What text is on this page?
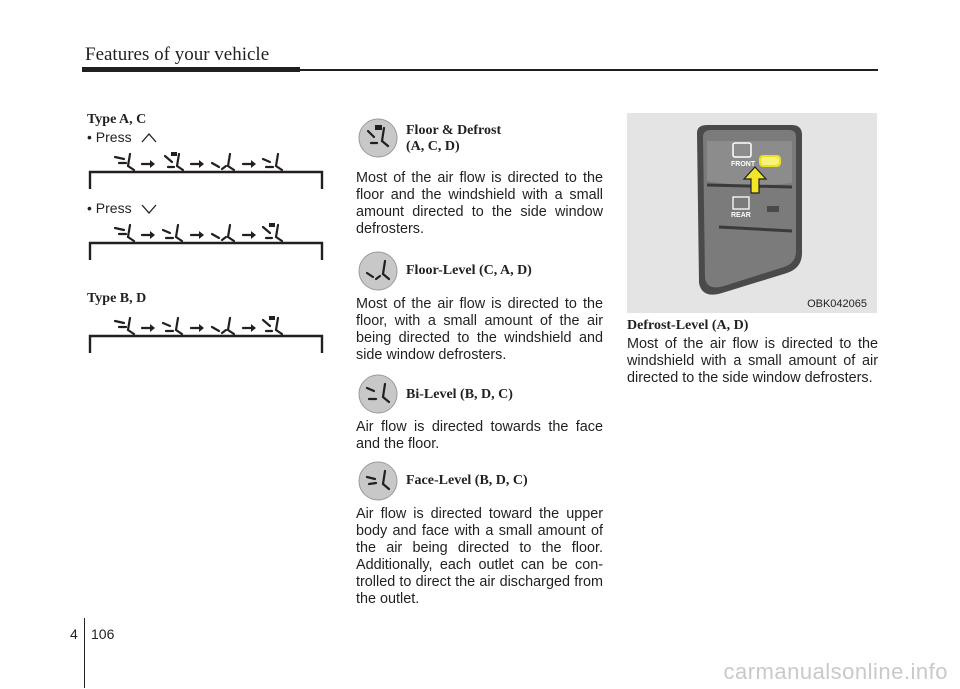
Features of your vehicle
Type A, C
• Press
• Press
Type B, D
Floor & Defrost
(A, C, D)

Most of the air flow is directed to the floor and the windshield with a small amount directed to the side window defrosters.

Floor-Level (C, A, D)

Most of the air flow is directed to the floor, with a small amount of the air being directed to the windshield and side window defrosters.

Bi-Level (B, D, C)

Air flow is directed towards the face and the floor.

Face-Level (B, D, C)

Air flow is directed toward the upper body and face with a small amount of the air being directed to the floor. Additionally, each outlet can be con- trolled to direct the air discharged from the outlet.

FRONT
REAR
OBK042065
Defrost-Level (A, D)

Most of the air flow is directed to the windshield with a small amount of air directed to the side window defrosters.

4 106
carmanualsonline.info
